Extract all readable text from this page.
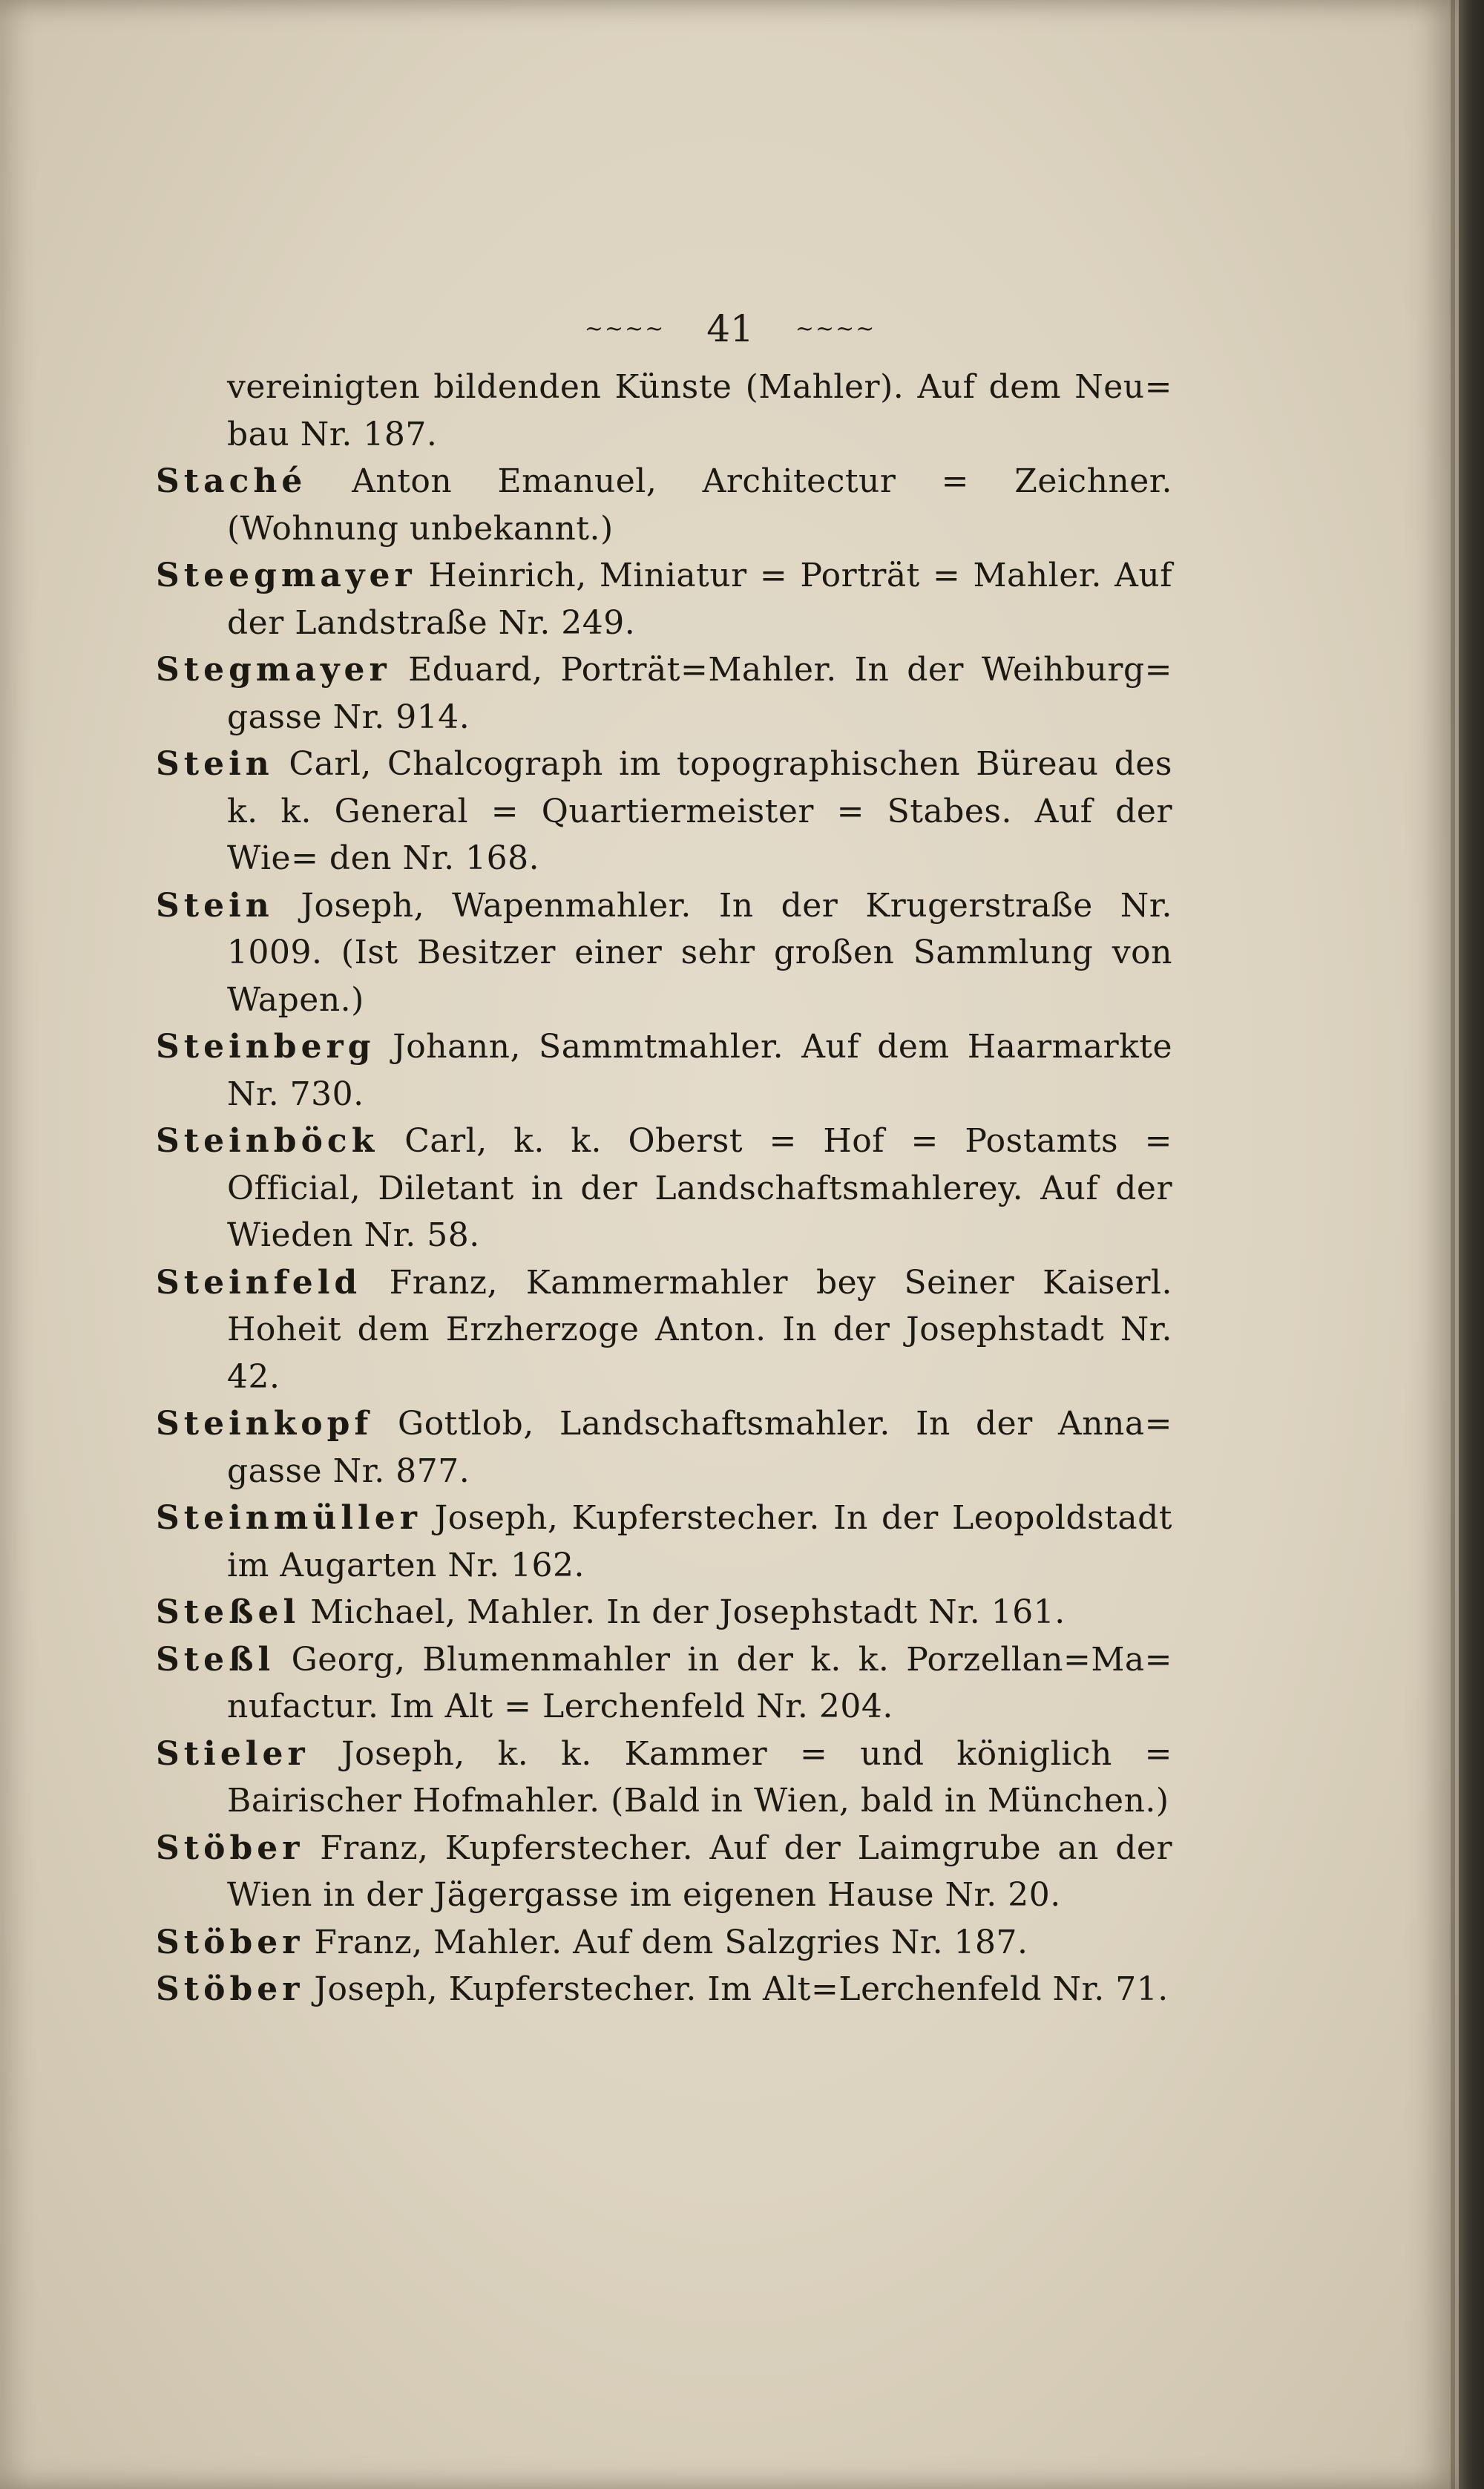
~~~~ 41 ~~~~

vereinigten bildenden Künste (Mahler). Auf dem Neu= bau Nr. 187.

Staché Anton Emanuel, Architectur = Zeichner. (Wohnung unbekannt.)

Steegmayer Heinrich, Miniatur = Porträt = Mahler. Auf der Landstraße Nr. 249.

Stegmayer Eduard, Porträt=Mahler. In der Weihburg= gasse Nr. 914.

Stein Carl, Chalcograph im topographischen Büreau des k. k. General = Quartiermeister = Stabes. Auf der Wie= den Nr. 168.

Stein Joseph, Wapenmahler. In der Krugerstraße Nr. 1009. (Ist Besitzer einer sehr großen Sammlung von Wapen.)

Steinberg Johann, Sammtmahler. Auf dem Haarmarkte Nr. 730.

Steinböck Carl, k. k. Oberst = Hof = Postamts = Official, Diletant in der Landschaftsmahlerey. Auf der Wieden Nr. 58.

Steinfeld Franz, Kammermahler bey Seiner Kaiserl. Hoheit dem Erzherzoge Anton. In der Josephstadt Nr. 42.

Steinkopf Gottlob, Landschaftsmahler. In der Anna= gasse Nr. 877.

Steinmüller Joseph, Kupferstecher. In der Leopoldstadt im Augarten Nr. 162.

Steßel Michael, Mahler. In der Josephstadt Nr. 161.

Steßl Georg, Blumenmahler in der k. k. Porzellan=Ma= nufactur. Im Alt = Lerchenfeld Nr. 204.

Stieler Joseph, k. k. Kammer = und königlich = Bairischer Hofmahler. (Bald in Wien, bald in München.)

Stöber Franz, Kupferstecher. Auf der Laimgrube an der Wien in der Jägergasse im eigenen Hause Nr. 20.

Stöber Franz, Mahler. Auf dem Salzgries Nr. 187.

Stöber Joseph, Kupferstecher. Im Alt=Lerchenfeld Nr. 71.
